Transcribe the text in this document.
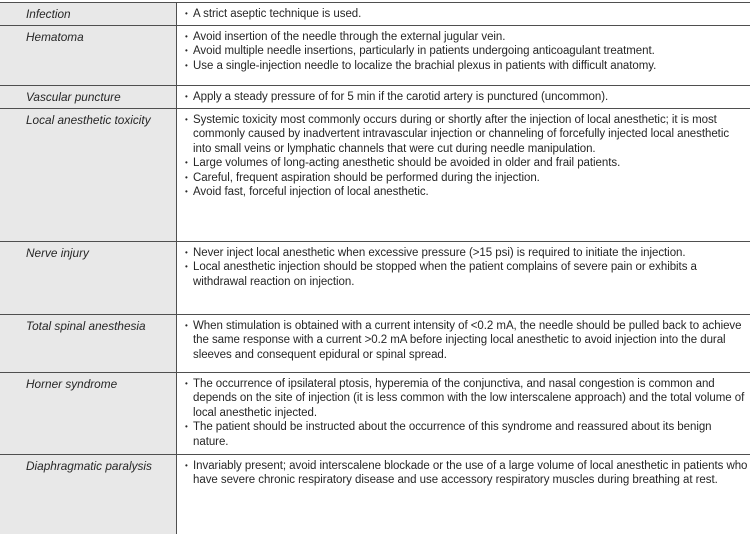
Infection	• A strict aseptic technique is used.
Hematoma	• Avoid insertion of the needle through the external jugular vein.
• Avoid multiple needle insertions, particularly in patients undergoing anticoagulant treatment.
• Use a single-injection needle to localize the brachial plexus in patients with difficult anatomy.
Vascular puncture	• Apply a steady pressure of for 5 min if the carotid artery is punctured (uncommon).
Local anesthetic toxicity	• Systemic toxicity most commonly occurs during or shortly after the injection of local anesthetic; it is most commonly caused by inadvertent intravascular injection or channeling of forcefully injected local anesthetic into small veins or lymphatic channels that were cut during needle manipulation.
• Large volumes of long-acting anesthetic should be avoided in older and frail patients.
• Careful, frequent aspiration should be performed during the injection.
• Avoid fast, forceful injection of local anesthetic.
Nerve injury	• Never inject local anesthetic when excessive pressure (>15 psi) is required to initiate the injection.
• Local anesthetic injection should be stopped when the patient complains of severe pain or exhibits a withdrawal reaction on injection.
Total spinal anesthesia	• When stimulation is obtained with a current intensity of <0.2 mA, the needle should be pulled back to achieve the same response with a current >0.2 mA before injecting local anesthetic to avoid injection into the dural sleeves and consequent epidural or spinal spread.
Horner syndrome	• The occurrence of ipsilateral ptosis, hyperemia of the conjunctiva, and nasal congestion is common and depends on the site of injection (it is less common with the low interscalene approach) and the total volume of local anesthetic injected.
• The patient should be instructed about the occurrence of this syndrome and reassured about its benign nature.
Diaphragmatic paralysis	• Invariably present; avoid interscalene blockade or the use of a large volume of local anesthetic in patients who have severe chronic respiratory disease and use accessory respiratory muscles during breathing at rest.
